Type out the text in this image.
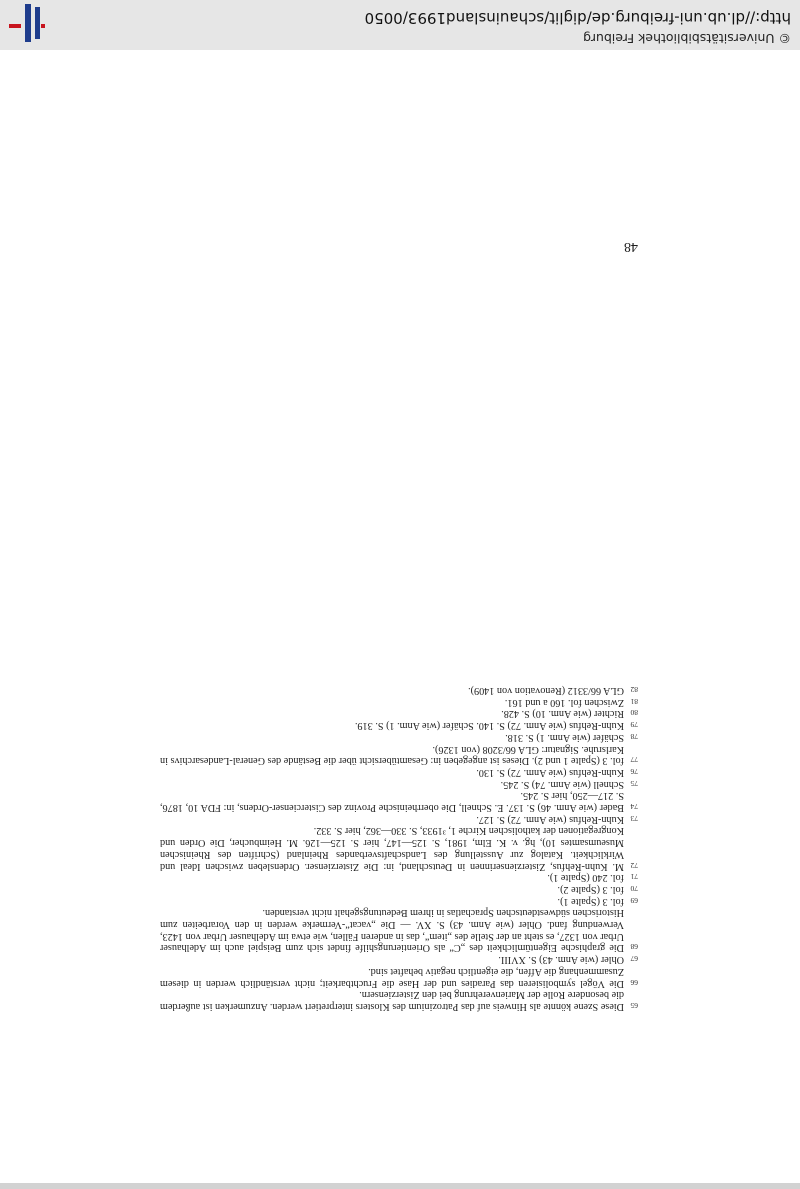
65
Diese Szene könnte als Hinweis auf das Patrozinium des Klosters interpretiert werden. Anzumerken ist außerdem die besondere Rolle der Marienverehrung bei den Zisterziensern.

66
Die Vögel symbolisieren das Paradies und der Hase die Fruchtbarkeit; nicht verständlich werden in diesem Zusammenhang die Affen, die eigentlich negativ behaftet sind.

67
Ohler (wie Anm. 43) S. XVIII.

68
Die graphische Eigentümlichkeit des „C“ als Orientierungshilfe findet sich zum Beispiel auch im Adelhauser Urbar von 1327, es steht an der Stelle des „item“, das in anderen Fällen, wie etwa im Adelhauser Urbar von 1423, Verwendung fand. Ohler (wie Anm. 43) S. XV. — Die „vacat“-Vermerke werden in den Vorarbeiten zum Historischen südwestdeutschen Sprachatlas in ihrem Bedeutungsgehalt nicht verstanden.

69
fol. 3 (Spalte 1).

70
fol. 3 (Spalte 2).

71
fol. 240 (Spalte 1).

72
M. Kuhn-Rehfus, Zisterzienserinnen in Deutschland, in: Die Zisterzienser. Ordensleben zwischen Ideal und Wirklichkeit. Katalog zur Ausstellung des Landschaftsverbandes Rheinland (Schriften des Rheinischen Museumsamtes 10), hg. v. K. Elm, 1981, S. 125—147, hier S. 125—126. M. Heimbucher, Die Orden und Kongregationen der katholischen Kirche 1, ³1933, S. 330—362, hier S. 332.

73
Kuhn-Rehfus (wie Anm. 72) S. 127.

74
Bader (wie Anm. 46) S. 137. E. Schnell, Die oberrheinische Provinz des Cistercienser-Ordens, in: FDA 10, 1876, S. 217—250, hier S. 245.

75
Schnell (wie Anm. 74) S. 245.

76
Kuhn-Rehfus (wie Anm. 72) S. 130.

77
fol. 3 (Spalte 1 und 2). Dieses ist angegeben in: Gesamtübersicht über die Bestände des General-Landesarchivs in Karlsruhe. Signatur: GLA 66/3208 (von 1326).

78
Schäfer (wie Anm. 1) S. 318.

79
Kuhn-Rehfus (wie Anm. 72) S. 140. Schäfer (wie Anm. 1) S. 319.

80
Richter (wie Anm. 10) S. 428.

81
Zwischen fol. 160 a und 161.

82
GLA 66/3312 (Renovation von 1409).

48
© Universitätsbibliothek Freiburg
http://dl.ub.uni-freiburg.de/diglit/schauinsland1993/0050
